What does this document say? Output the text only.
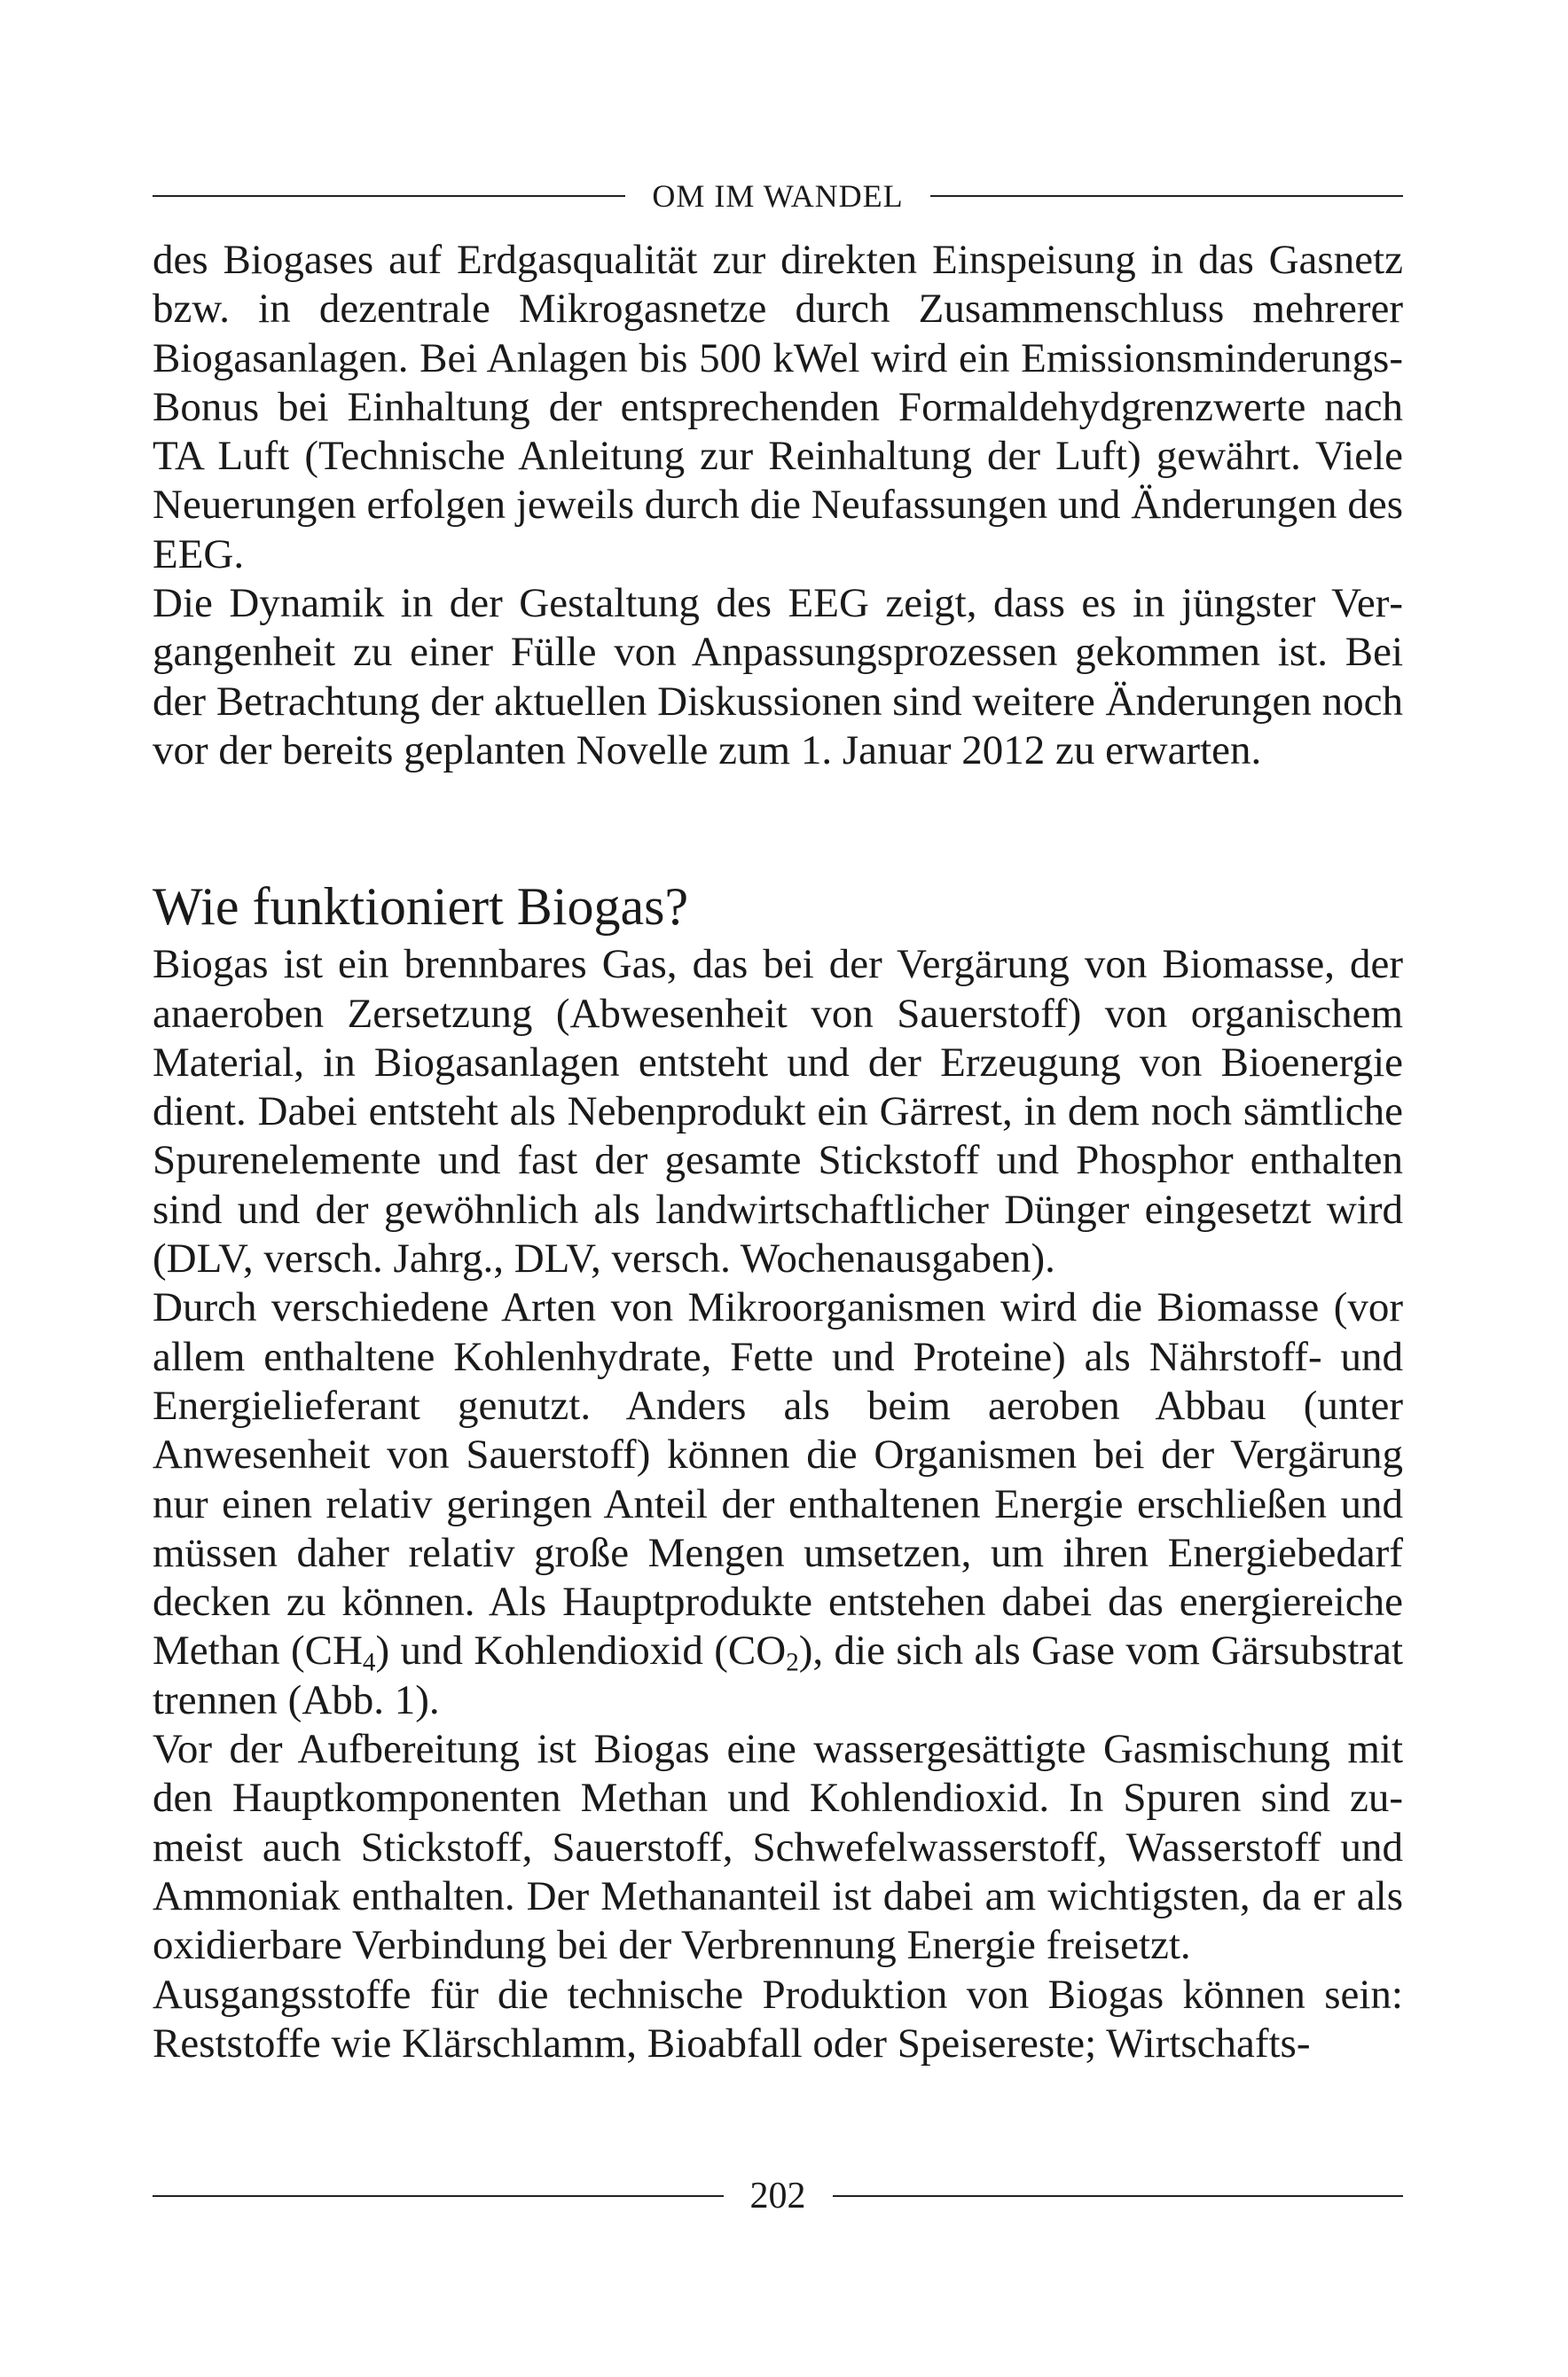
OM IM WANDEL

des Biogases auf Erdgasqualität zur direkten Einspeisung in das Gasnetz bzw. in dezentrale Mikrogasnetze durch Zusammenschluss mehrerer Biogasanlagen. Bei Anlagen bis 500 kWel wird ein Emissionsminderungs-Bonus bei Einhaltung der entsprechenden Formaldehydgrenzwerte nach TA Luft (Technische Anleitung zur Reinhaltung der Luft) gewährt. Viele Neuerungen erfolgen jeweils durch die Neufassungen und Änderungen des EEG.

Die Dynamik in der Gestaltung des EEG zeigt, dass es in jüngster Vergangenheit zu einer Fülle von Anpassungsprozessen gekommen ist. Bei der Betrachtung der aktuellen Diskussionen sind weitere Änderungen noch vor der bereits geplanten Novelle zum 1. Januar 2012 zu erwarten.

Wie funktioniert Biogas?

Biogas ist ein brennbares Gas, das bei der Vergärung von Biomasse, der anaeroben Zersetzung (Abwesenheit von Sauerstoff) von organischem Material, in Biogasanlagen entsteht und der Erzeugung von Bioenergie dient. Dabei entsteht als Nebenprodukt ein Gärrest, in dem noch sämtliche Spurenelemente und fast der gesamte Stickstoff und Phosphor enthalten sind und der gewöhnlich als landwirtschaftlicher Dünger eingesetzt wird (DLV, versch. Jahrg., DLV, versch. Wochenausgaben).

Durch verschiedene Arten von Mikroorganismen wird die Biomasse (vor allem enthaltene Kohlenhydrate, Fette und Proteine) als Nährstoff- und Energielieferant genutzt. Anders als beim aeroben Abbau (unter Anwesenheit von Sauerstoff) können die Organismen bei der Vergärung nur einen relativ geringen Anteil der enthaltenen Energie erschließen und müssen daher relativ große Mengen umsetzen, um ihren Energiebedarf decken zu können. Als Hauptprodukte entstehen dabei das energiereiche Methan $(CH_4)$ und Kohlendioxid $(CO_2)$, die sich als Gase vom Gärsubstrat trennen (Abb. 1).

Vor der Aufbereitung ist Biogas eine wassergesättigte Gasmischung mit den Hauptkomponenten Methan und Kohlendioxid. In Spuren sind zumeist auch Stickstoff, Sauerstoff, Schwefelwasserstoff, Wasserstoff und Ammoniak enthalten. Der Methananteil ist dabei am wichtigsten, da er als oxidierbare Verbindung bei der Verbrennung Energie freisetzt.

Ausgangsstoffe für die technische Produktion von Biogas können sein: Reststoffe wie Klärschlamm, Bioabfall oder Speisereste; Wirtschafts-

202
